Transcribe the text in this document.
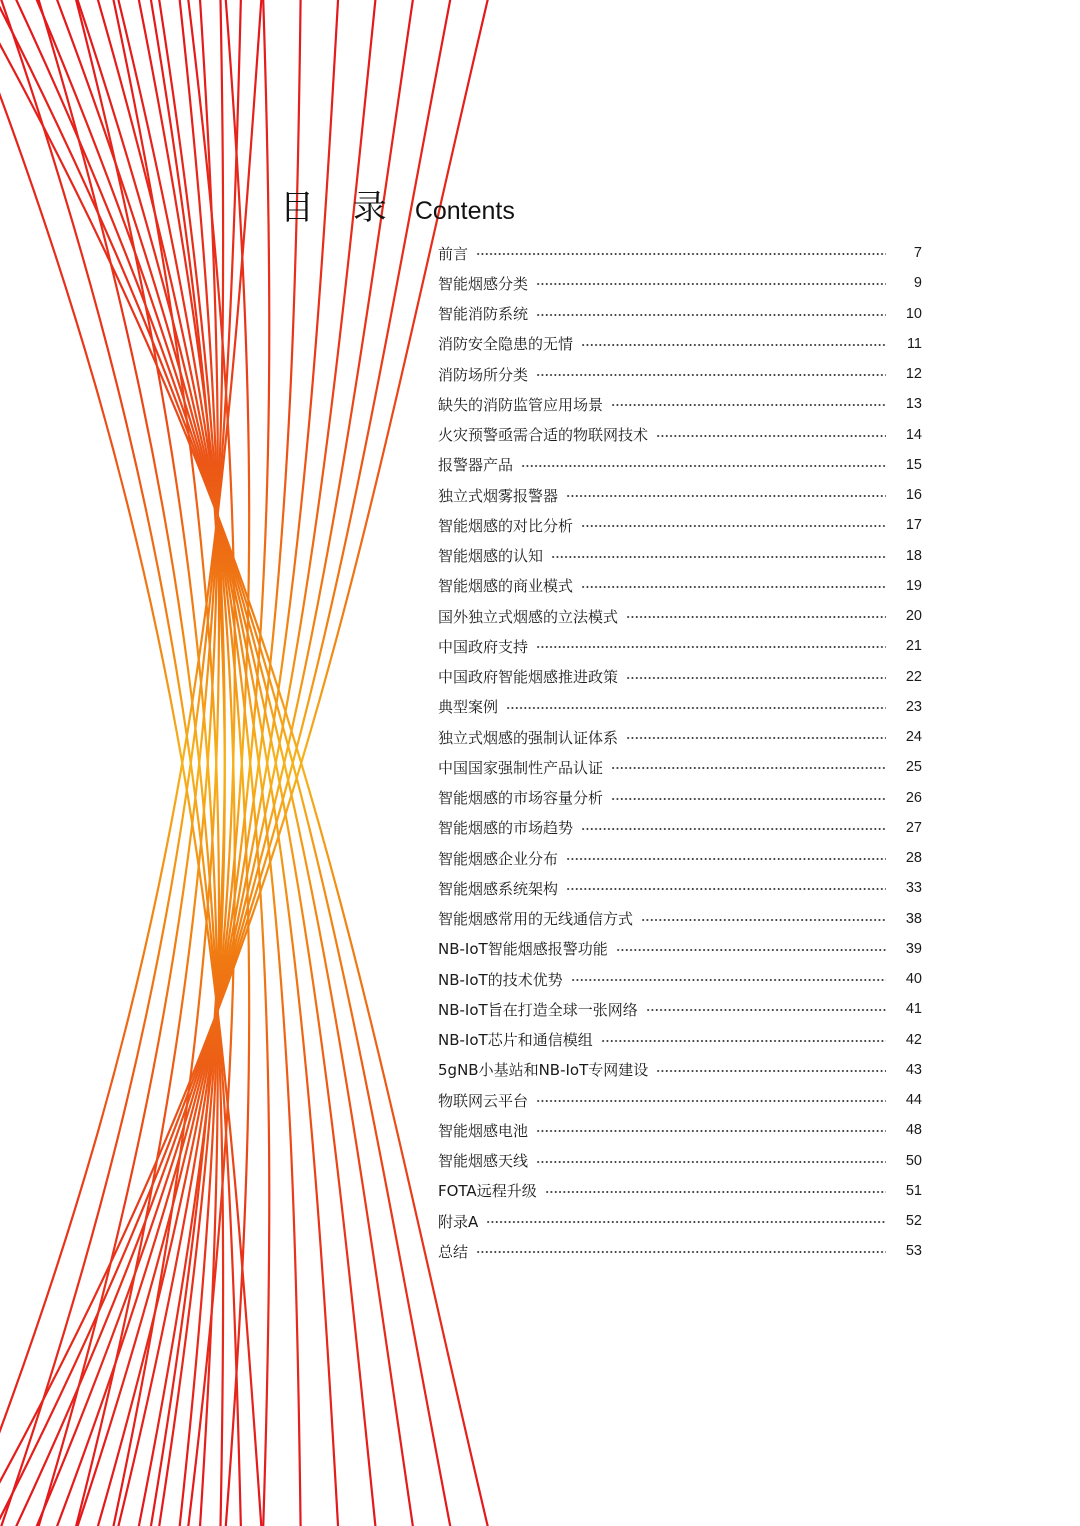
目 录 Contents
前言	7
智能烟感分类	9
智能消防系统	10
消防安全隐患的无情	11
消防场所分类	12
缺失的消防监管应用场景	13
火灾预警亟需合适的物联网技术	14
报警器产品	15
独立式烟雾报警器	16
智能烟感的对比分析	17
智能烟感的认知	18
智能烟感的商业模式	19
国外独立式烟感的立法模式	20
中国政府支持	21
中国政府智能烟感推进政策	22
典型案例	23
独立式烟感的强制认证体系	24
中国国家强制性产品认证	25
智能烟感的市场容量分析	26
智能烟感的市场趋势	27
智能烟感企业分布	28
智能烟感系统架构	33
智能烟感常用的无线通信方式	38
NB-IoT智能烟感报警功能	39
NB-IoT的技术优势	40
NB-IoT旨在打造全球一张网络	41
NB-IoT芯片和通信模组	42
5gNB小基站和NB-IoT专网建设	43
物联网云平台	44
智能烟感电池	48
智能烟感天线	50
FOTA远程升级	51
附录A	52
总结	53
